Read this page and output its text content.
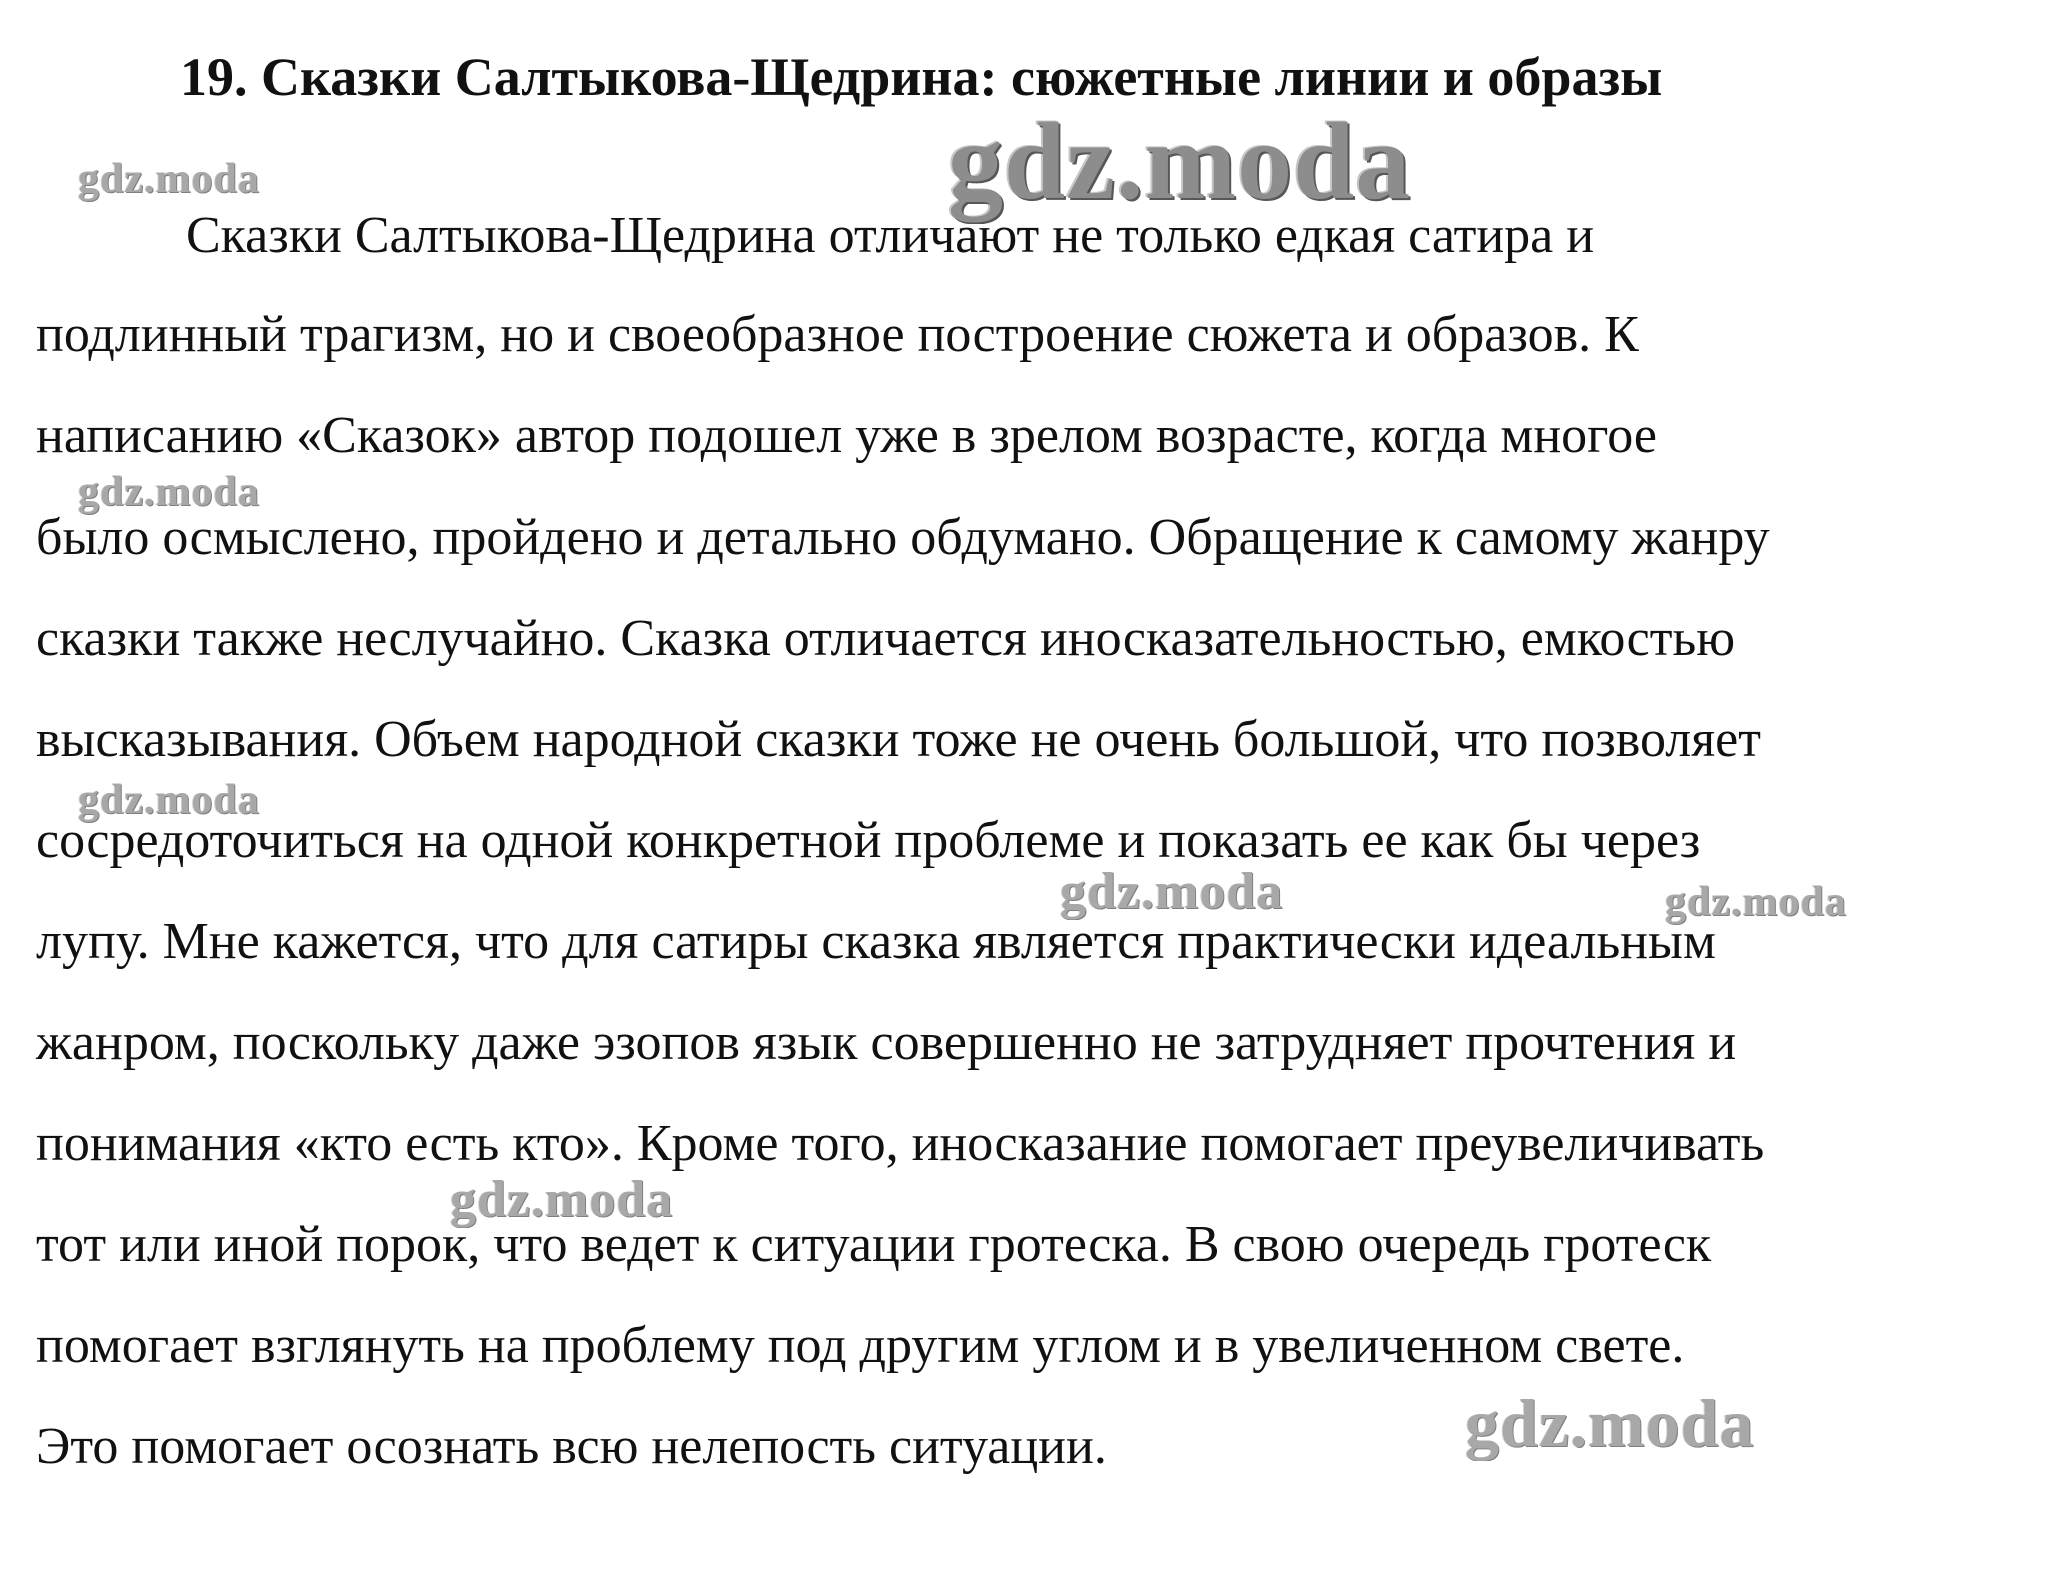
19. Сказки Салтыкова-Щедрина: сюжетные линии и образы
Сказки Салтыкова-Щедрина отличают не только едкая сатира и
подлинный трагизм, но и своеобразное построение сюжета и образов. К
написанию «Сказок» автор подошел уже в зрелом возрасте, когда многое
было осмыслено, пройдено и детально обдумано. Обращение к самому жанру
сказки также неслучайно. Сказка отличается иносказательностью, емкостью
высказывания. Объем народной сказки тоже не очень большой, что позволяет
сосредоточиться на одной конкретной проблеме и показать ее как бы через
лупу. Мне кажется, что для сатиры сказка является практически идеальным
жанром, поскольку даже эзопов язык совершенно не затрудняет прочтения и
понимания «кто есть кто». Кроме того, иносказание помогает преувеличивать
тот или иной порок, что ведет к ситуации гротеска. В свою очередь гротеск
помогает взглянуть на проблему под другим углом и в увеличенном свете.
Это помогает осознать всю нелепость ситуации.
gdz.moda
gdz.moda
gdz.moda
gdz.moda
gdz.moda	gdz.moda
gdz.moda
gdz.moda
